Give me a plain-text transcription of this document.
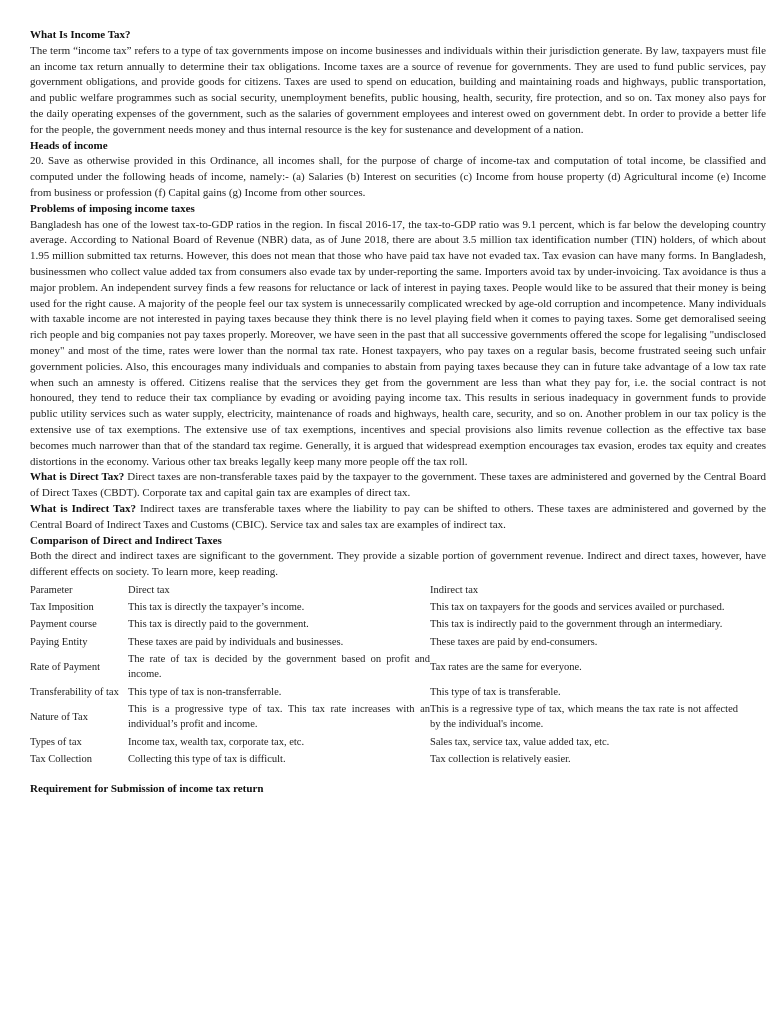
What Is Income Tax?

The term “income tax” refers to a type of tax governments impose on income businesses and individuals within their jurisdiction generate. By law, taxpayers must file an income tax return annually to determine their tax obligations. Income taxes are a source of revenue for governments. They are used to fund public services, pay government obligations, and provide goods for citizens. Taxes are used to spend on education, building and maintaining roads and highways, public transportation, and public welfare programmes such as social security, unemployment benefits, public housing, health, security, fire protection, and so on. Tax money also pays for the daily operating expenses of the government, such as the salaries of government employees and interest owed on government debt. In order to provide a better life for the people, the government needs money and thus internal resource is the key for sustenance and development of a nation.

Heads of income

20. Save as otherwise provided in this Ordinance, all incomes shall, for the purpose of charge of income-tax and computation of total income, be classified and computed under the following heads of income, namely:- (a) Salaries (b) Interest on securities (c) Income from house property (d) Agricultural income (e) Income from business or profession (f) Capital gains (g) Income from other sources.

Problems of imposing income taxes

Bangladesh has one of the lowest tax-to-GDP ratios in the region. In fiscal 2016-17, the tax-to-GDP ratio was 9.1 percent, which is far below the developing country average. According to National Board of Revenue (NBR) data, as of June 2018, there are about 3.5 million tax identification number (TIN) holders, of which about 1.95 million submitted tax returns. However, this does not mean that those who have paid tax have not evaded tax. Tax evasion can have many forms. In Bangladesh, businessmen who collect value added tax from consumers also evade tax by under-reporting the same. Importers avoid tax by under-invoicing. Tax avoidance is thus a major problem. An independent survey finds a few reasons for reluctance or lack of interest in paying taxes. People would like to be assured that their money is being used for the right cause. A majority of the people feel our tax system is unnecessarily complicated wrecked by age-old corruption and incompetence. Many individuals with taxable income are not interested in paying taxes because they think there is no level playing field when it comes to paying taxes. Some get demoralised seeing rich people and big companies not pay taxes properly. Moreover, we have seen in the past that all successive governments offered the scope for legalising "undisclosed money" and most of the time, rates were lower than the normal tax rate. Honest taxpayers, who pay taxes on a regular basis, become frustrated seeing such unfair government policies. Also, this encourages many individuals and companies to abstain from paying taxes because they can in future take advantage of a low tax rate when such an amnesty is offered. Citizens realise that the services they get from the government are less than what they pay for, i.e. the social contract is not honoured, they tend to reduce their tax compliance by evading or avoiding paying income tax. This results in serious inadequacy in government funds to provide public utility services such as water supply, electricity, maintenance of roads and highways, health care, security, and so on. Another problem in our tax policy is the extensive use of tax exemptions. The extensive use of tax exemptions, incentives and special provisions also limits revenue collection as the effective tax base becomes much narrower than that of the standard tax regime. Generally, it is argued that widespread exemption encourages tax evasion, erodes tax equity and creates distortions in the economy. Various other tax breaks legally keep many more people off the tax roll.

What is Direct Tax? Direct taxes are non-transferable taxes paid by the taxpayer to the government. These taxes are administered and governed by the Central Board of Direct Taxes (CBDT). Corporate tax and capital gain tax are examples of direct tax.

What is Indirect Tax? Indirect taxes are transferable taxes where the liability to pay can be shifted to others. These taxes are administered and governed by the Central Board of Indirect Taxes and Customs (CBIC). Service tax and sales tax are examples of indirect tax.

Comparison of Direct and Indirect Taxes

Both the direct and indirect taxes are significant to the government. They provide a sizable portion of government revenue. Indirect and direct taxes, however, have different effects on society. To learn more, keep reading.

Parameter	Direct tax	Indirect tax
Tax Imposition	This tax is directly the taxpayer’s income.	This tax on taxpayers for the goods and services availed or purchased.
Payment course	This tax is directly paid to the government.	This tax is indirectly paid to the government through an intermediary.
Paying Entity	These taxes are paid by individuals and businesses.	These taxes are paid by end-consumers.
Rate of Payment	The rate of tax is decided by the government based on profit and income.	Tax rates are the same for everyone.
Transferability of tax	This type of tax is non-transferrable.	This type of tax is transferable.
Nature of Tax	This is a progressive type of tax. This tax rate increases with an individual’s profit and income.	This is a regressive type of tax, which means the tax rate is not affected by the individual's income.
Types of tax	Income tax, wealth tax, corporate tax, etc.	Sales tax, service tax, value added tax, etc.
Tax Collection	Collecting this type of tax is difficult.	Tax collection is relatively easier.
Requirement for Submission of income tax return
